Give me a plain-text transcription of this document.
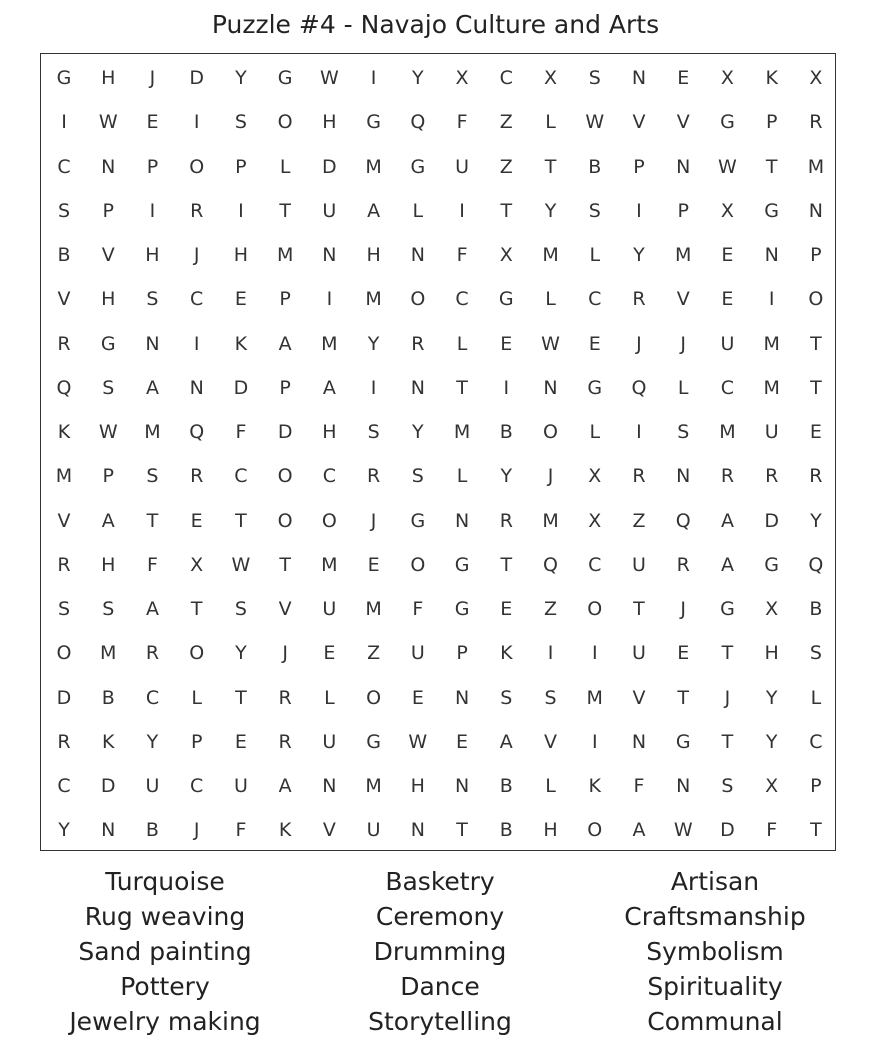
Puzzle #4 - Navajo Culture and Arts
G	H	J	D	Y	G	W	I	Y	X	C	X	S	N	E	X	K	X
I	W	E	I	S	O	H	G	Q	F	Z	L	W	V	V	G	P	R
C	N	P	O	P	L	D	M	G	U	Z	T	B	P	N	W	T	M
S	P	I	R	I	T	U	A	L	I	T	Y	S	I	P	X	G	N
B	V	H	J	H	M	N	H	N	F	X	M	L	Y	M	E	N	P
V	H	S	C	E	P	I	M	O	C	G	L	C	R	V	E	I	O
R	G	N	I	K	A	M	Y	R	L	E	W	E	J	J	U	M	T
Q	S	A	N	D	P	A	I	N	T	I	N	G	Q	L	C	M	T
K	W	M	Q	F	D	H	S	Y	M	B	O	L	I	S	M	U	E
M	P	S	R	C	O	C	R	S	L	Y	J	X	R	N	R	R	R
V	A	T	E	T	O	O	J	G	N	R	M	X	Z	Q	A	D	Y
R	H	F	X	W	T	M	E	O	G	T	Q	C	U	R	A	G	Q
S	S	A	T	S	V	U	M	F	G	E	Z	O	T	J	G	X	B
O	M	R	O	Y	J	E	Z	U	P	K	I	I	U	E	T	H	S
D	B	C	L	T	R	L	O	E	N	S	S	M	V	T	J	Y	L
R	K	Y	P	E	R	U	G	W	E	A	V	I	N	G	T	Y	C
C	D	U	C	U	A	N	M	H	N	B	L	K	F	N	S	X	P
Y	N	B	J	F	K	V	U	N	T	B	H	O	A	W	D	F	T
Turquoise
Rug weaving
Sand painting
Pottery
Jewelry making
Basketry
Ceremony
Drumming
Dance
Storytelling
Artisan
Craftsmanship
Symbolism
Spirituality
Communal
